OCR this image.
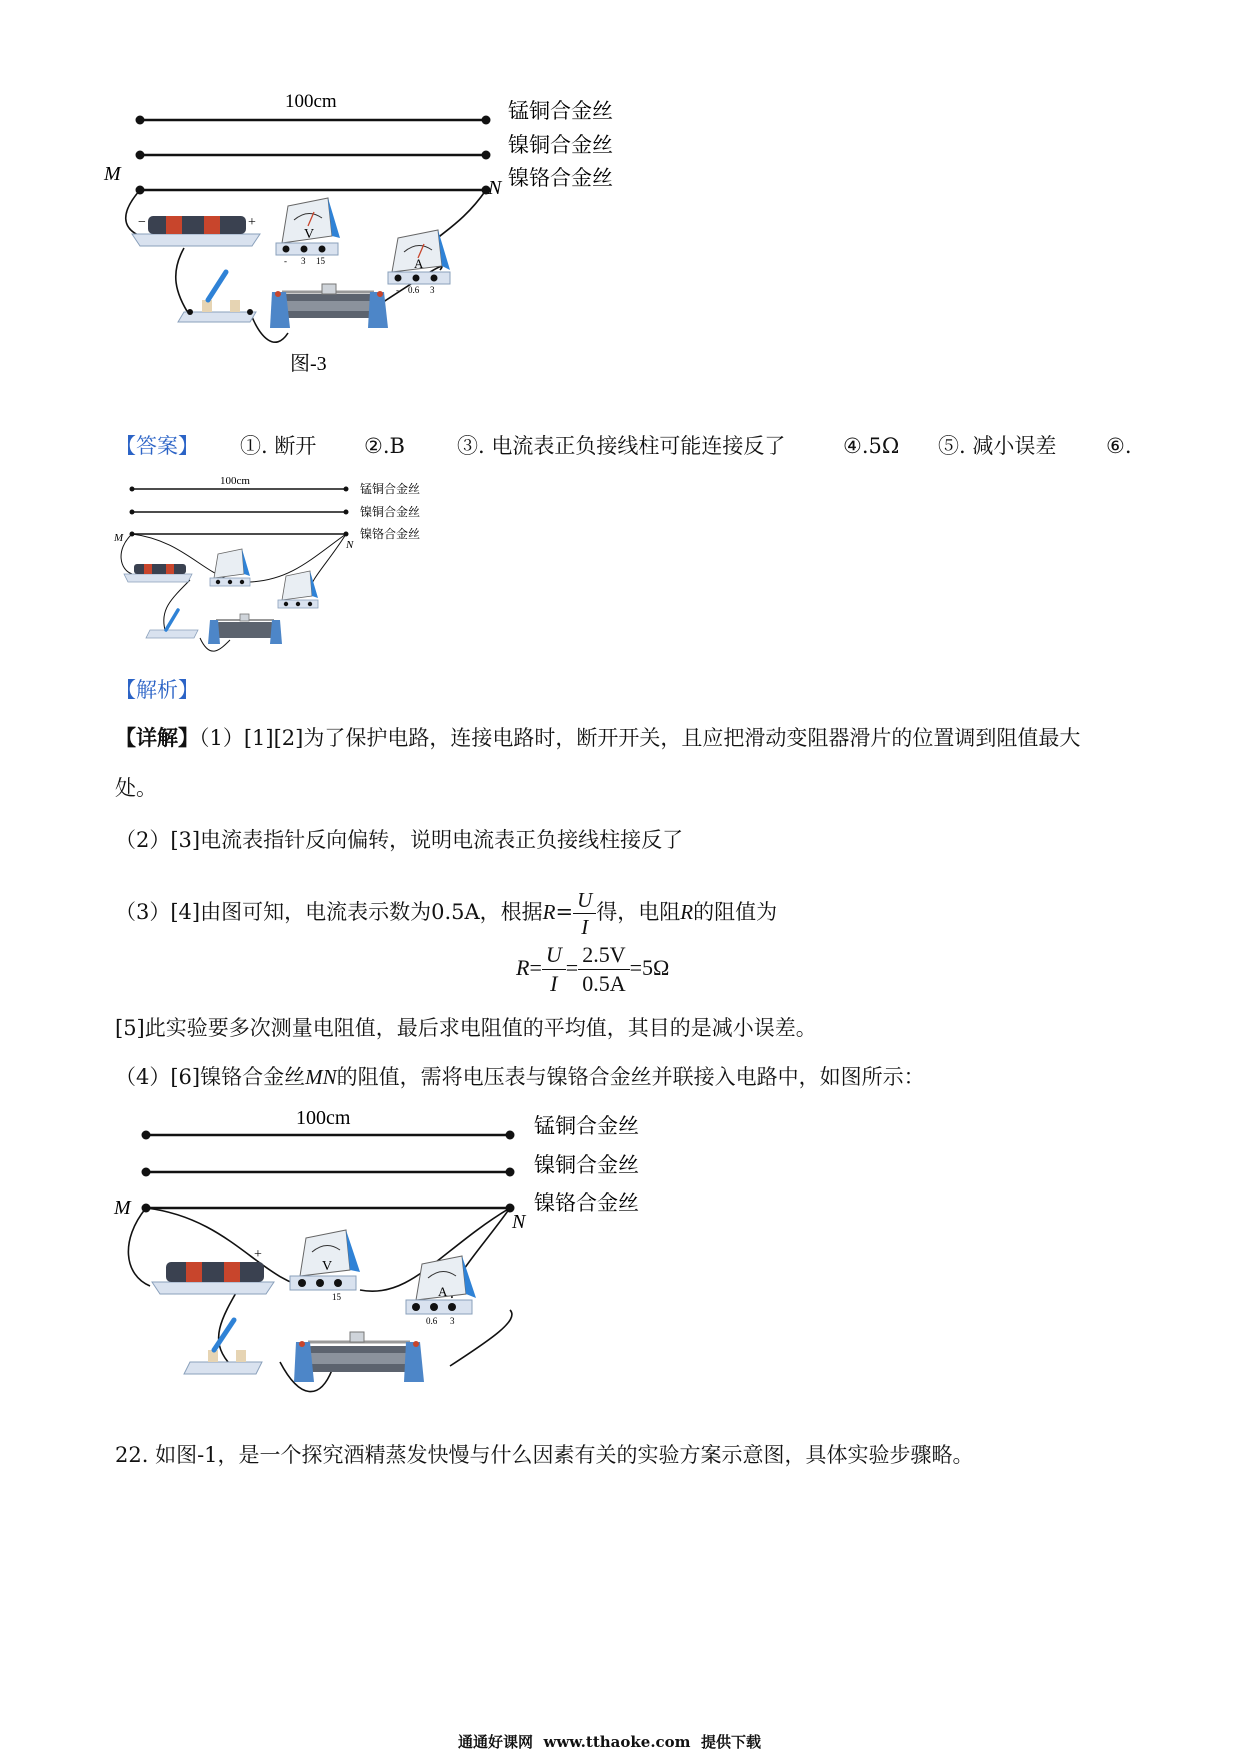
100cm	锰铜合金丝
镍铜合金丝
镍铬合金丝
M
N
−	+
V
- 3 15	A
- 0.6 3
图-3
【答案】 ①. 断开 ②.B ③. 电流表正负接线柱可能连接反了	④.5Ω ⑤. 减小误差 ⑥.
100cm
锰铜合金丝
镍铜合金丝
镍铬合金丝
M
N
【解析】
【详解】（1）[1][2]为了保护电路，连接电路时，断开开关，且应把滑动变阻器滑片的位置调到阻值最大
处。
（2）[3]电流表指针反向偏转，说明电流表正负接线柱接反了
（3）[4]由图可知，电流表示数为0.5A，根据$R= \frac{U}{I}$ 得，电阻R的阻值为
$R= \frac{U}{I} = \frac{2.5V}{0.5A} =5\Omega$
[5]此实验要多次测量电阻值，最后求电阻值的平均值，其目的是减小误差。
（4）[6]镍铬合金丝MN的阻值，需将电压表与镍铬合金丝并联接入电路中，如图所示：
100cm	锰铜合金丝
镍铜合金丝
镍铬合金丝
M
N
+
V
15	A
0.6 3
22. 如图-1，是一个探究酒精蒸发快慢与什么因素有关的实验方案示意图，具体实验步骤略。
通通好课网  www.tthaoke.com  提供下载
